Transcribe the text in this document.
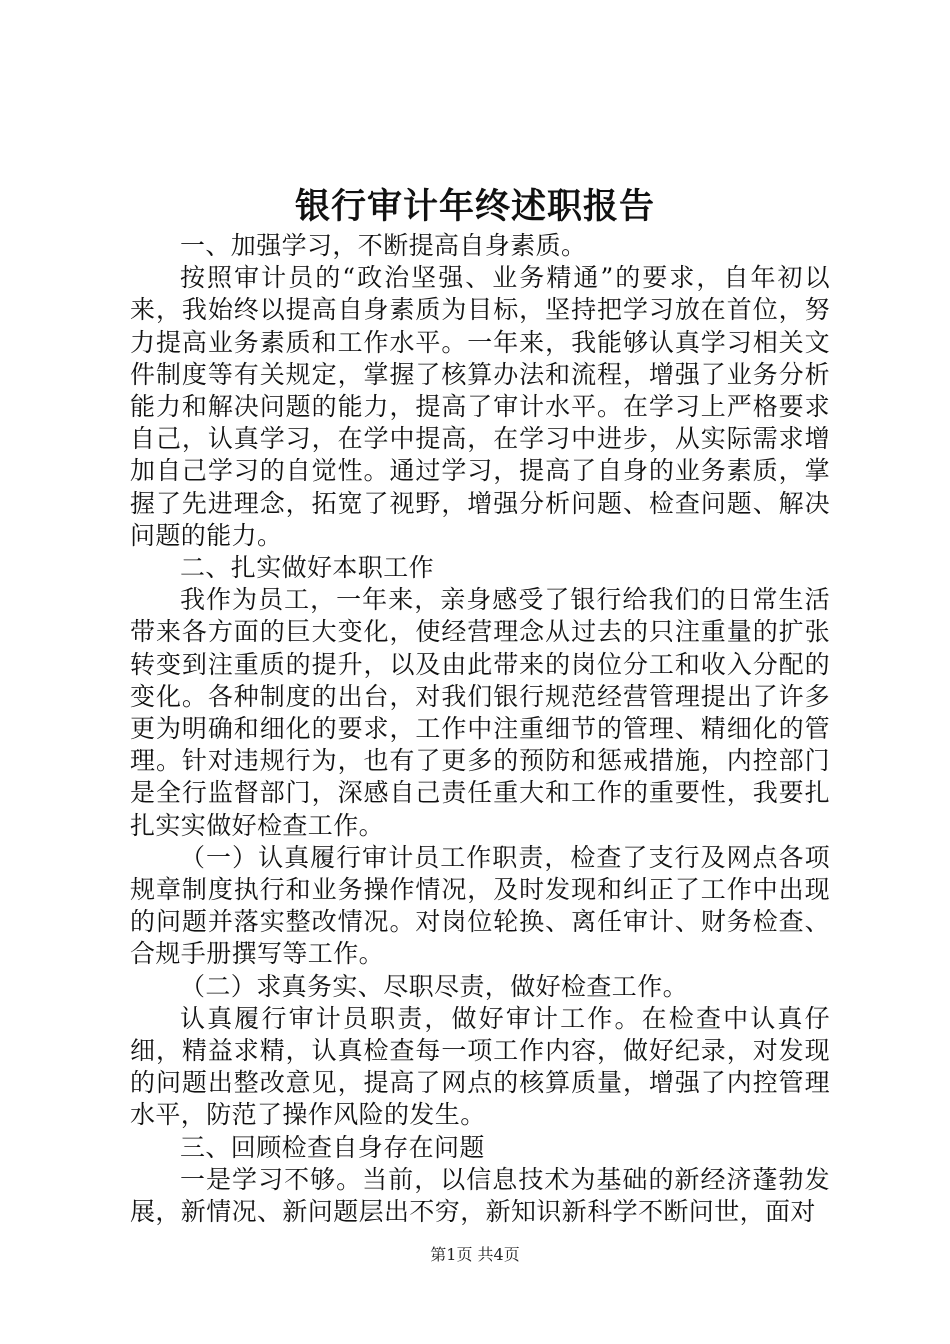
银行审计年终述职报告

一、加强学习，不断提高自身素质。

按照审计员的“政治坚强、业务精通”的要求，自年初以来，我始终以提高自身素质为目标，坚持把学习放在首位，努力提高业务素质和工作水平。一年来，我能够认真学习相关文件制度等有关规定，掌握了核算办法和流程，增强了业务分析能力和解决问题的能力，提高了审计水平。在学习上严格要求自己，认真学习，在学中提高，在学习中进步，从实际需求增加自己学习的自觉性。通过学习，提高了自身的业务素质，掌握了先进理念，拓宽了视野，增强分析问题、检查问题、解决问题的能力。

二、扎实做好本职工作

我作为员工，一年来，亲身感受了银行给我们的日常生活带来各方面的巨大变化，使经营理念从过去的只注重量的扩张转变到注重质的提升，以及由此带来的岗位分工和收入分配的变化。各种制度的出台，对我们银行规范经营管理提出了许多更为明确和细化的要求，工作中注重细节的管理、精细化的管理。针对违规行为，也有了更多的预防和惩戒措施，内控部门是全行监督部门，深感自己责任重大和工作的重要性，我要扎扎实实做好检查工作。

（一）认真履行审计员工作职责，检查了支行及网点各项规章制度执行和业务操作情况，及时发现和纠正了工作中出现的问题并落实整改情况。对岗位轮换、离任审计、财务检查、合规手册撰写等工作。

（二）求真务实、尽职尽责，做好检查工作。

认真履行审计员职责，做好审计工作。在检查中认真仔细，精益求精，认真检查每一项工作内容，做好纪录，对发现的问题出整改意见，提高了网点的核算质量，增强了内控管理水平，防范了操作风险的发生。

三、回顾检查自身存在问题

一是学习不够。当前，以信息技术为基础的新经济蓬勃发展，新情况、新问题层出不穷，新知识新科学不断问世，面对

第1页 共4页
